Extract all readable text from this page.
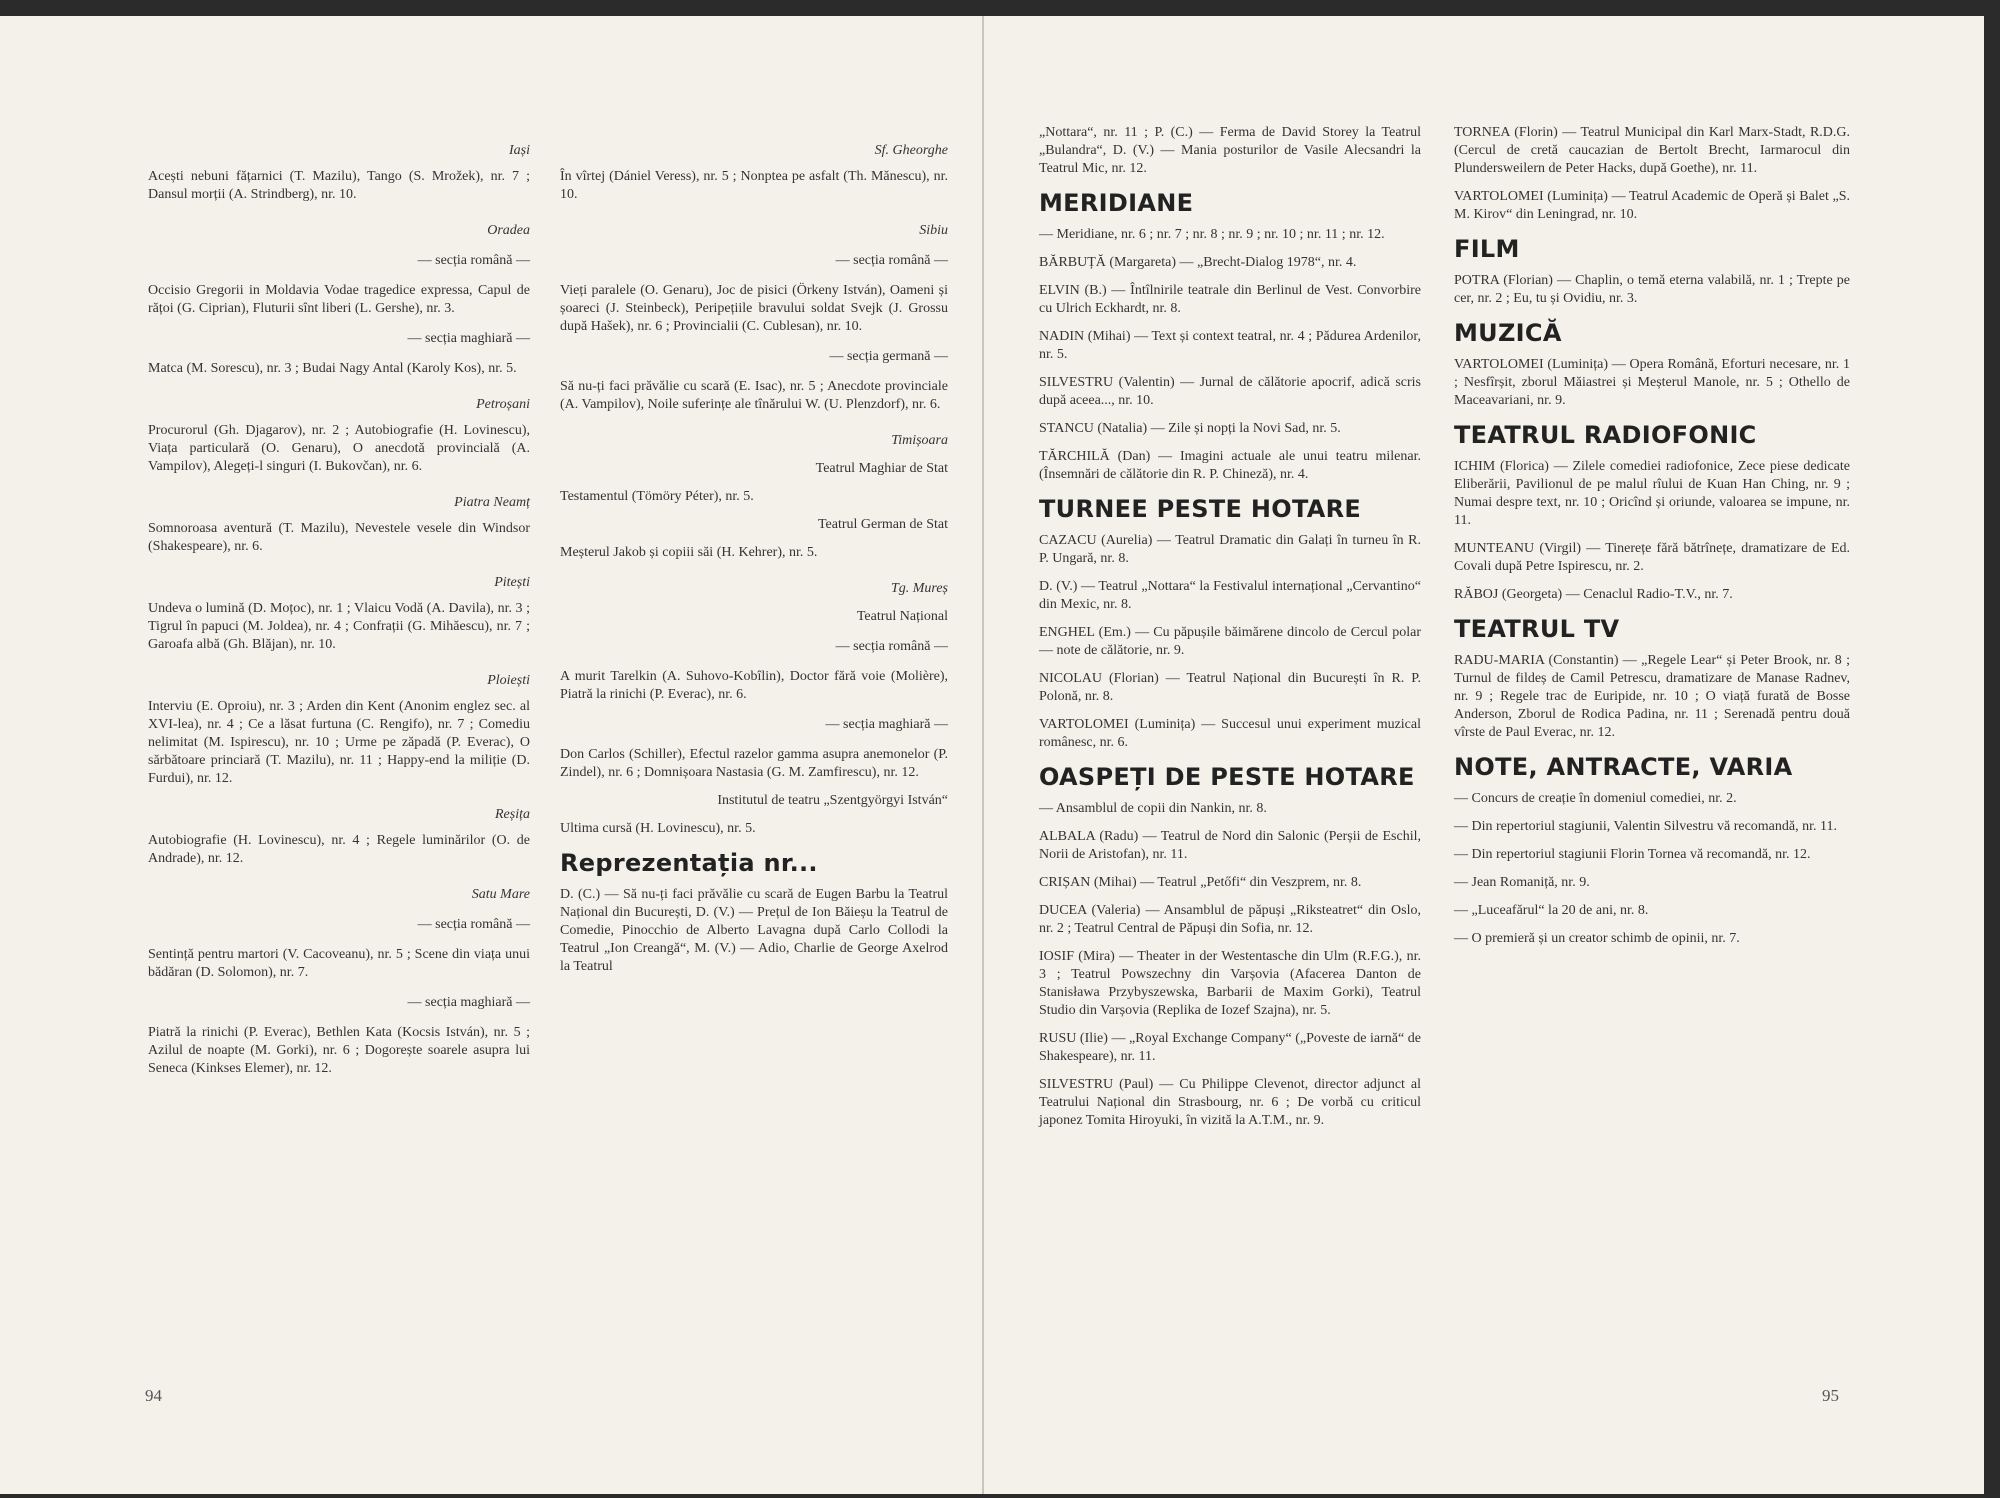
Iași

Acești nebuni fățarnici (T. Mazilu), Tango (S. Mrožek), nr. 7 ; Dansul morții (A. Strindberg), nr. 10.

Oradea

— secția română —

Occisio Gregorii in Moldavia Vodae tragedice expressa, Capul de rățoi (G. Ciprian), Fluturii sînt liberi (L. Gershe), nr. 3.

— secția maghiară —

Matca (M. Sorescu), nr. 3 ; Budai Nagy Antal (Karoly Kos), nr. 5.

Petroșani

Procurorul (Gh. Djagarov), nr. 2 ; Autobiografie (H. Lovinescu), Viața particulară (O. Genaru), O anecdotă provincială (A. Vampilov), Alegeți-l singuri (I. Bukovčan), nr. 6.

Piatra Neamț

Somnoroasa aventură (T. Mazilu), Nevestele vesele din Windsor (Shakespeare), nr. 6.

Pitești

Undeva o lumină (D. Moțoc), nr. 1 ; Vlaicu Vodă (A. Davila), nr. 3 ; Tigrul în papuci (M. Joldea), nr. 4 ; Confrații (G. Mihăescu), nr. 7 ; Garoafa albă (Gh. Blăjan), nr. 10.

Ploiești

Interviu (E. Oproiu), nr. 3 ; Arden din Kent (Anonim englez sec. al XVI-lea), nr. 4 ; Ce a lăsat furtuna (C. Rengifo), nr. 7 ; Comediu nelimitat (M. Ispirescu), nr. 10 ; Urme pe zăpadă (P. Everac), O sărbătoare princiară (T. Mazilu), nr. 11 ; Happy-end la miliție (D. Furdui), nr. 12.

Reșița

Autobiografie (H. Lovinescu), nr. 4 ; Regele luminărilor (O. de Andrade), nr. 12.

Satu Mare

— secția română —

Sentință pentru martori (V. Cacoveanu), nr. 5 ; Scene din viața unui bădăran (D. Solomon), nr. 7.

— secția maghiară —

Piatră la rinichi (P. Everac), Bethlen Kata (Kocsis István), nr. 5 ; Azilul de noapte (M. Gorki), nr. 6 ; Dogorește soarele asupra lui Seneca (Kinkses Elemer), nr. 12.

Sf. Gheorghe

În vîrtej (Dániel Veress), nr. 5 ; Nonptea pe asfalt (Th. Mănescu), nr. 10.

Sibiu

— secția română —

Vieți paralele (O. Genaru), Joc de pisici (Örkeny István), Oameni și șoareci (J. Steinbeck), Peripețiile bravului soldat Svejk (J. Grossu după Hašek), nr. 6 ; Provincialii (C. Cublesan), nr. 10.

— secția germană —

Să nu-ți faci prăvălie cu scară (E. Isac), nr. 5 ; Anecdote provinciale (A. Vampilov), Noile suferințe ale tînărului W. (U. Plenzdorf), nr. 6.

Timișoara

Teatrul Maghiar de Stat

Testamentul (Tömöry Péter), nr. 5.

Teatrul German de Stat

Meșterul Jakob și copiii săi (H. Kehrer), nr. 5.

Tg. Mureș

Teatrul Național

— secția română —

A murit Tarelkin (A. Suhovo-Kobîlin), Doctor fără voie (Molière), Piatră la rinichi (P. Everac), nr. 6.

— secția maghiară —

Don Carlos (Schiller), Efectul razelor gamma asupra anemonelor (P. Zindel), nr. 6 ; Domnișoara Nastasia (G. M. Zamfirescu), nr. 12.

Institutul de teatru „Szentgyörgyi István“

Ultima cursă (H. Lovinescu), nr. 5.

Reprezentația nr...

D. (C.) — Să nu-ți faci prăvălie cu scară de Eugen Barbu la Teatrul Național din București, D. (V.) — Prețul de Ion Băieșu la Teatrul de Comedie, Pinocchio de Alberto Lavagna după Carlo Collodi la Teatrul „Ion Creangă“, M. (V.) — Adio, Charlie de George Axelrod la Teatrul

94

„Nottara“, nr. 11 ; P. (C.) — Ferma de David Storey la Teatrul „Bulandra“, D. (V.) — Mania posturilor de Vasile Alecsandri la Teatrul Mic, nr. 12.

MERIDIANE

— Meridiane, nr. 6 ; nr. 7 ; nr. 8 ; nr. 9 ; nr. 10 ; nr. 11 ; nr. 12.

BĂRBUȚĂ (Margareta) — „Brecht-Dialog 1978“, nr. 4.

ELVIN (B.) — Întîlnirile teatrale din Berlinul de Vest. Convorbire cu Ulrich Eckhardt, nr. 8.

NADIN (Mihai) — Text și context teatral, nr. 4 ; Pădurea Ardenilor, nr. 5.

SILVESTRU (Valentin) — Jurnal de călătorie apocrif, adică scris după aceea..., nr. 10.

STANCU (Natalia) — Zile și nopți la Novi Sad, nr. 5.

TĂRCHILĂ (Dan) — Imagini actuale ale unui teatru milenar. (Însemnări de călătorie din R. P. Chineză), nr. 4.

TURNEE PESTE HOTARE

CAZACU (Aurelia) — Teatrul Dramatic din Galați în turneu în R. P. Ungară, nr. 8.

D. (V.) — Teatrul „Nottara“ la Festivalul internațional „Cervantino“ din Mexic, nr. 8.

ENGHEL (Em.) — Cu păpușile băimărene dincolo de Cercul polar — note de călătorie, nr. 9.

NICOLAU (Florian) — Teatrul Național din București în R. P. Polonă, nr. 8.

VARTOLOMEI (Luminița) — Succesul unui experiment muzical românesc, nr. 6.

OASPEȚI DE PESTE HOTARE

— Ansamblul de copii din Nankin, nr. 8.

ALBALA (Radu) — Teatrul de Nord din Salonic (Perșii de Eschil, Norii de Aristofan), nr. 11.

CRIȘAN (Mihai) — Teatrul „Petőfi“ din Veszprem, nr. 8.

DUCEA (Valeria) — Ansamblul de păpuși „Riksteatret“ din Oslo, nr. 2 ; Teatrul Central de Păpuși din Sofia, nr. 12.

IOSIF (Mira) — Theater in der Westentasche din Ulm (R.F.G.), nr. 3 ; Teatrul Powszechny din Varșovia (Afacerea Danton de Stanisława Przybyszewska, Barbarii de Maxim Gorki), Teatrul Studio din Varșovia (Replika de Iozef Szajna), nr. 5.

RUSU (Ilie) — „Royal Exchange Company“ („Poveste de iarnă“ de Shakespeare), nr. 11.

SILVESTRU (Paul) — Cu Philippe Clevenot, director adjunct al Teatrului Național din Strasbourg, nr. 6 ; De vorbă cu criticul japonez Tomita Hiroyuki, în vizită la A.T.M., nr. 9.

TORNEA (Florin) — Teatrul Municipal din Karl Marx-Stadt, R.D.G. (Cercul de cretă caucazian de Bertolt Brecht, Iarmarocul din Plundersweilern de Peter Hacks, după Goethe), nr. 11.

VARTOLOMEI (Luminița) — Teatrul Academic de Operă și Balet „S. M. Kirov“ din Leningrad, nr. 10.

FILM

POTRA (Florian) — Chaplin, o temă eterna valabilă, nr. 1 ; Trepte pe cer, nr. 2 ; Eu, tu și Ovidiu, nr. 3.

MUZICĂ

VARTOLOMEI (Luminița) — Opera Română, Eforturi necesare, nr. 1 ; Nesfîrșit, zborul Măiastrei și Meșterul Manole, nr. 5 ; Othello de Maceavariani, nr. 9.

TEATRUL RADIOFONIC

ICHIM (Florica) — Zilele comediei radiofonice, Zece piese dedicate Eliberării, Pavilionul de pe malul rîului de Kuan Han Ching, nr. 9 ; Numai despre text, nr. 10 ; Oricînd și oriunde, valoarea se impune, nr. 11.

MUNTEANU (Virgil) — Tinerețe fără bătrînețe, dramatizare de Ed. Covali după Petre Ispirescu, nr. 2.

RĂBOJ (Georgeta) — Cenaclul Radio-T.V., nr. 7.

TEATRUL TV

RADU-MARIA (Constantin) — „Regele Lear“ și Peter Brook, nr. 8 ; Turnul de fildeș de Camil Petrescu, dramatizare de Manase Radnev, nr. 9 ; Regele trac de Euripide, nr. 10 ; O viață furată de Bosse Anderson, Zborul de Rodica Padina, nr. 11 ; Serenadă pentru două vîrste de Paul Everac, nr. 12.

NOTE, ANTRACTE, VARIA

— Concurs de creație în domeniul comediei, nr. 2.

— Din repertoriul stagiunii, Valentin Silvestru vă recomandă, nr. 11.

— Din repertoriul stagiunii Florin Tornea vă recomandă, nr. 12.

— Jean Romaniță, nr. 9.

— „Luceafărul“ la 20 de ani, nr. 8.

— O premieră și un creator schimb de opinii, nr. 7.

95
